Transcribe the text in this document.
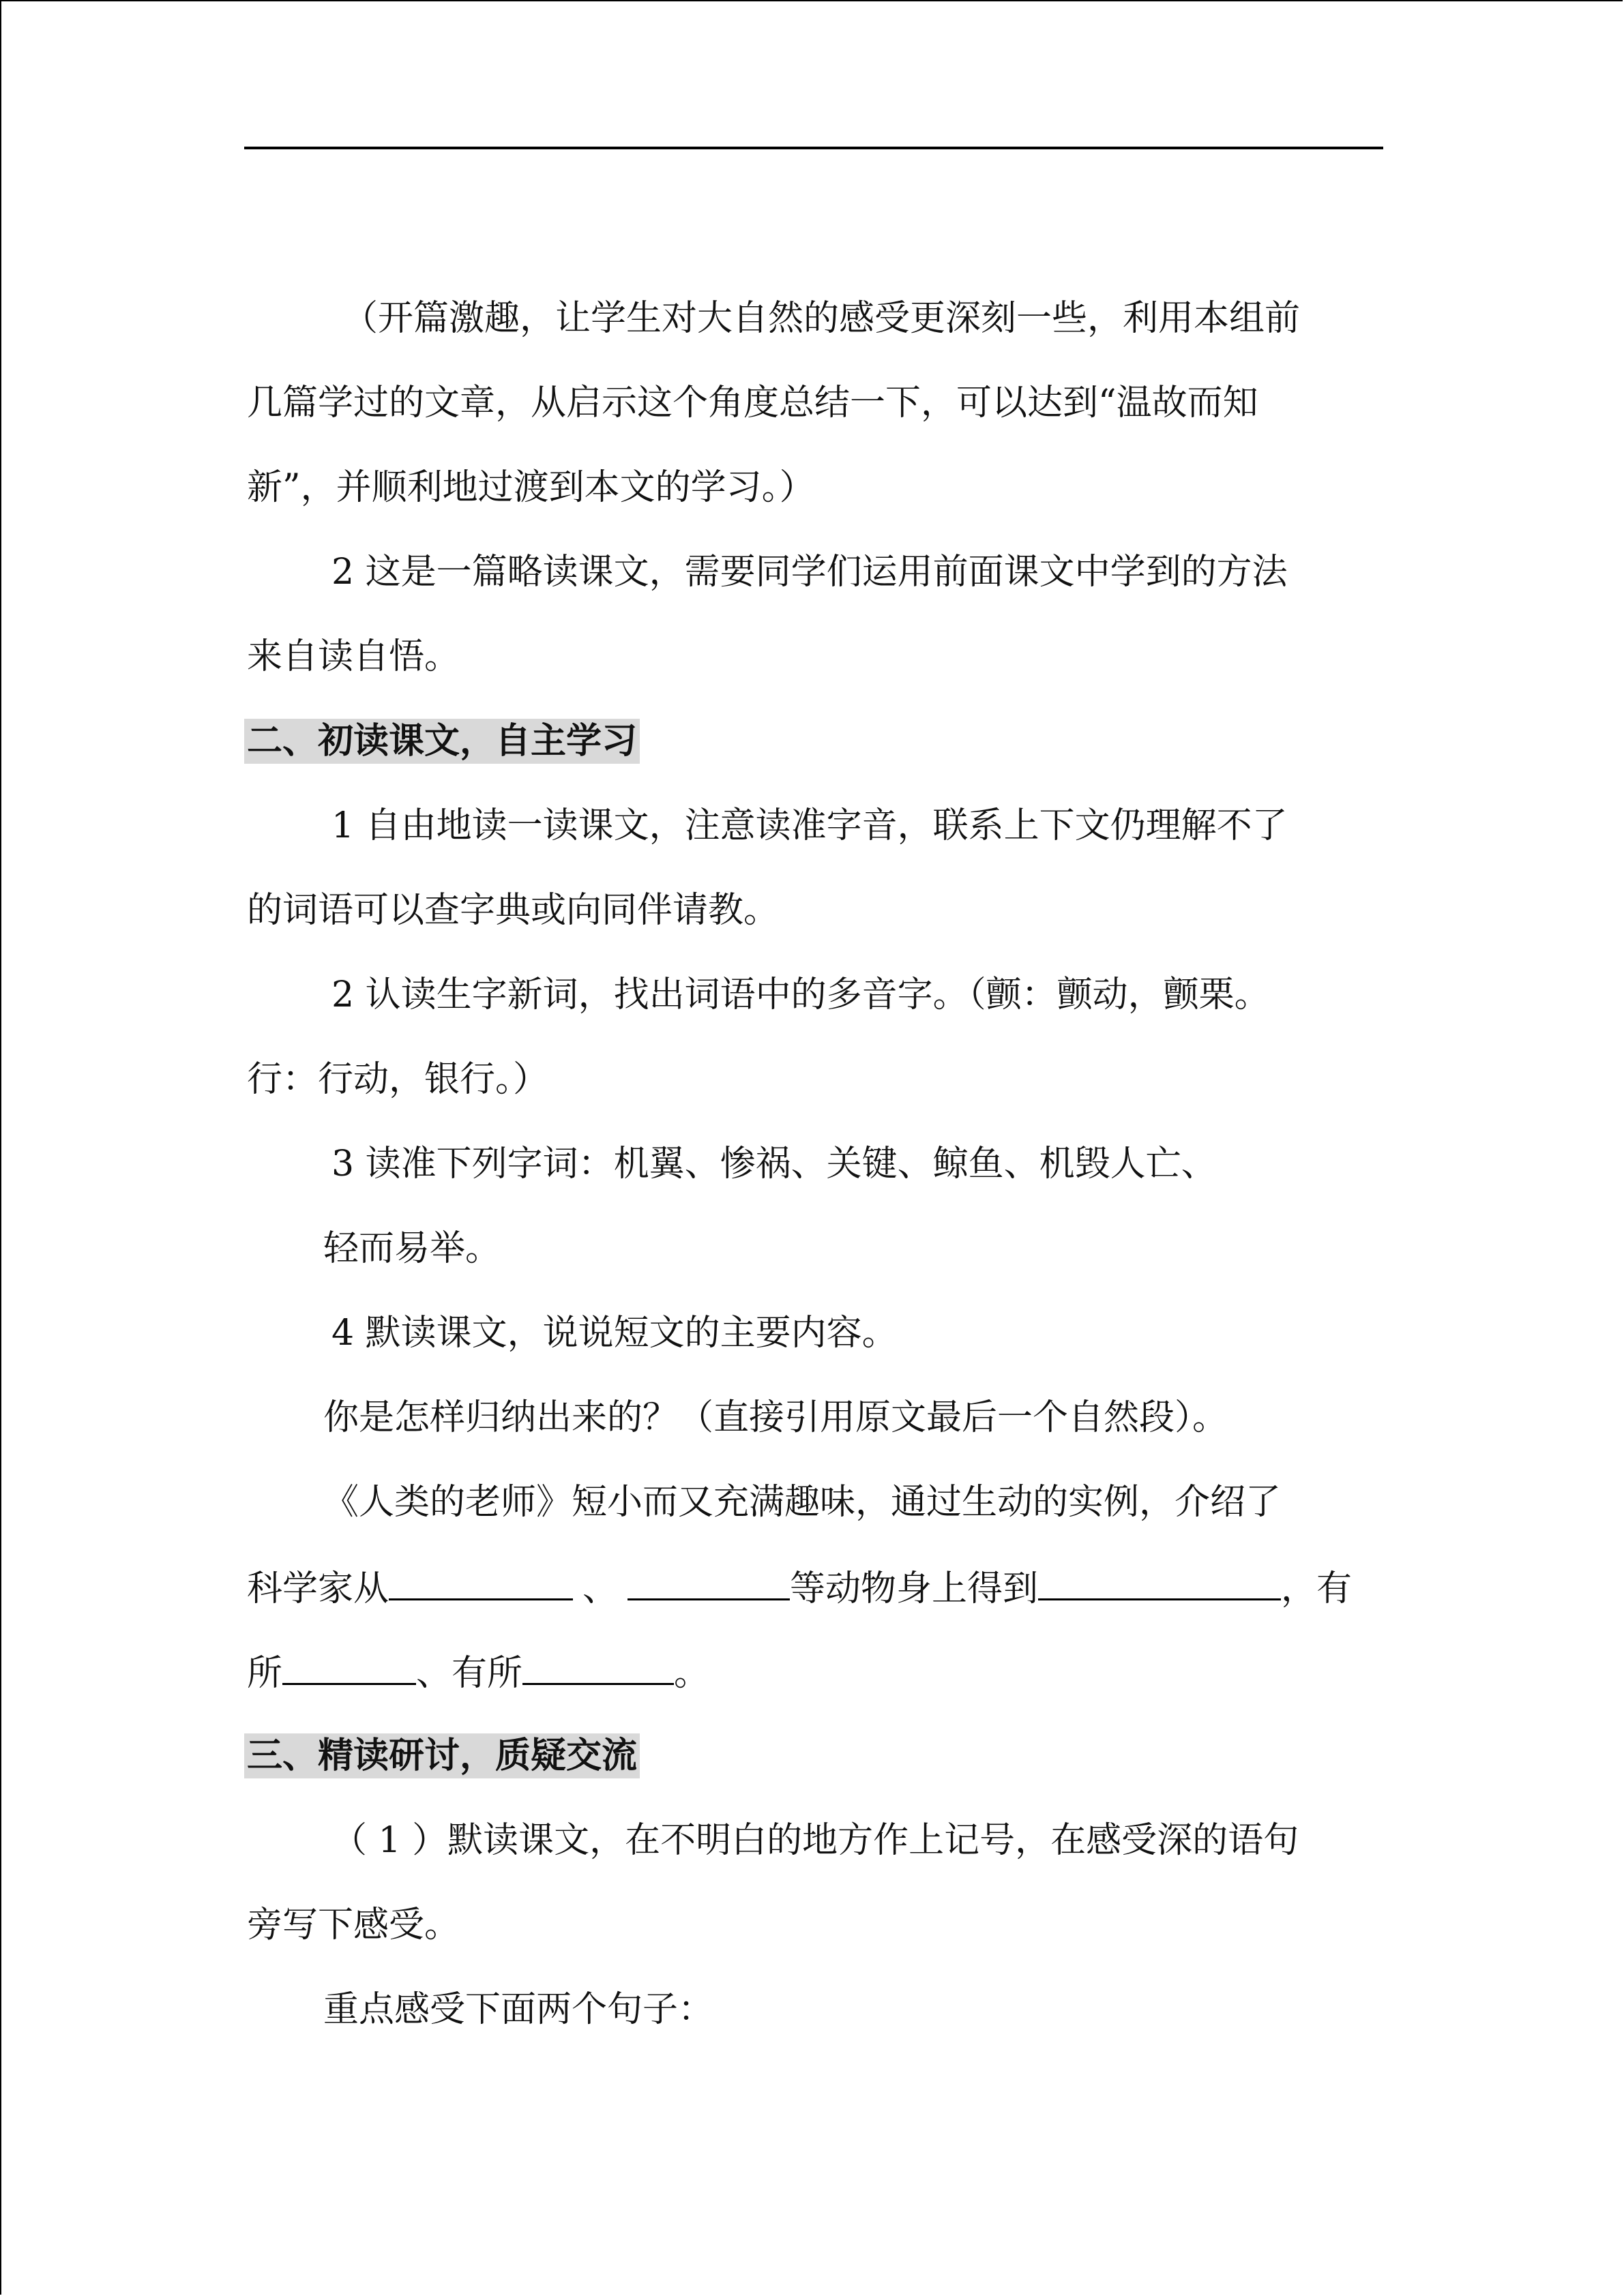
（开篇激趣，让学生对大自然的感受更深刻一些，利用本组前
几篇学过的文章，从启示这个角度总结一下，可以达到“温故而知
新”，并顺利地过渡到本文的学习。）
2 这是一篇略读课文，需要同学们运用前面课文中学到的方法
来自读自悟。
二、初读课文，自主学习
1 自由地读一读课文，注意读准字音，联系上下文仍理解不了
的词语可以查字典或向同伴请教。
2 认读生字新词，找出词语中的多音字。（颤：颤动，颤栗。
行：行动，银行。）
3 读准下列字词：机翼、惨祸、关键、鲸鱼、机毁人亡、
轻而易举。
4 默读课文，说说短文的主要内容。
你是怎样归纳出来的？（直接引用原文最后一个自然段）。
《人类的老师》短小而又充满趣味，通过生动的实例，介绍了
科学家从	、	等动物身上得到	，有
所	、有所	。
三、精读研讨，质疑交流
（ 1 ）默读课文，在不明白的地方作上记号，在感受深的语句
旁写下感受。
重点感受下面两个句子：
